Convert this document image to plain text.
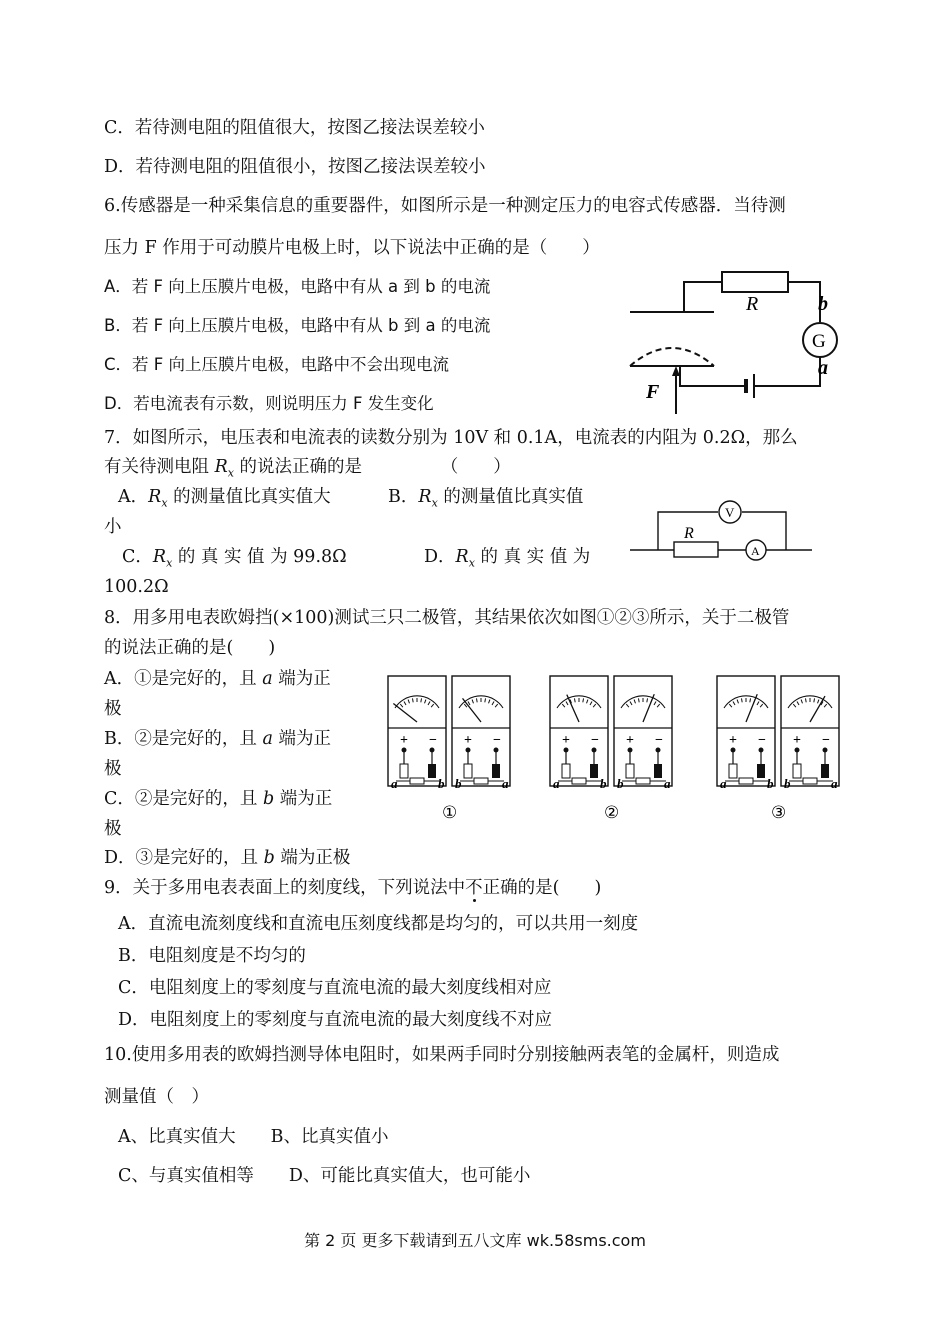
C．若待测电阻的阻值很大，按图乙接法误差较小
D．若待测电阻的阻值很小，按图乙接法误差较小
6.传感器是一种采集信息的重要器件，如图所示是一种测定压力的电容式传感器．当待测
压力 F 作用于可动膜片电极上时，以下说法中正确的是（　　）
A．若 F 向上压膜片电极，电路中有从 a 到 b 的电流
B．若 F 向上压膜片电极，电路中有从 b 到 a 的电流
C．若 F 向上压膜片电极，电路中不会出现电流
D．若电流表有示数，则说明压力 F 发生变化
R
G
b
a
F
7．如图所示，电压表和电流表的读数分别为 10V 和 0.1A，电流表的内阻为 0.2Ω，那么
有关待测电阻 $R_x$ 的说法正确的是　　　　　（　　）
A．$R_x$ 的测量值比真实值大	B．$R_x$ 的测量值比真实值
小
C．$R_x$ 的 真 实 值 为 99.8Ω	D．$R_x$ 的 真 实 值 为
100.2Ω
V
A
R
8．用多用电表欧姆挡(×100)测试三只二极管，其结果依次如图①②③所示，关于二极管
的说法正确的是(　　)
A．①是完好的，且 a 端为正
极
B．②是完好的，且 a 端为正
极
C．②是完好的，且 b 端为正
极
D．③是完好的，且 b 端为正极
+ −
a	b
+ −
b	a
①
+ −
a	b
+ −
b	a
②
+ −
a	b
+ −
b	a
③
9．关于多用电表表面上的刻度线，下列说法中不正确的是(　　)
A．直流电流刻度线和直流电压刻度线都是均匀的，可以共用一刻度
B．电阻刻度是不均匀的
C．电阻刻度上的零刻度与直流电流的最大刻度线相对应
D．电阻刻度上的零刻度与直流电流的最大刻度线不对应
10.使用多用表的欧姆挡测导体电阻时，如果两手同时分别接触两表笔的金属杆，则造成
测量值（　）
A、比真实值大　　B、比真实值小
C、与真实值相等　　D、可能比真实值大，也可能小
第 2 页 更多下载请到五八文库 wk.58sms.com
